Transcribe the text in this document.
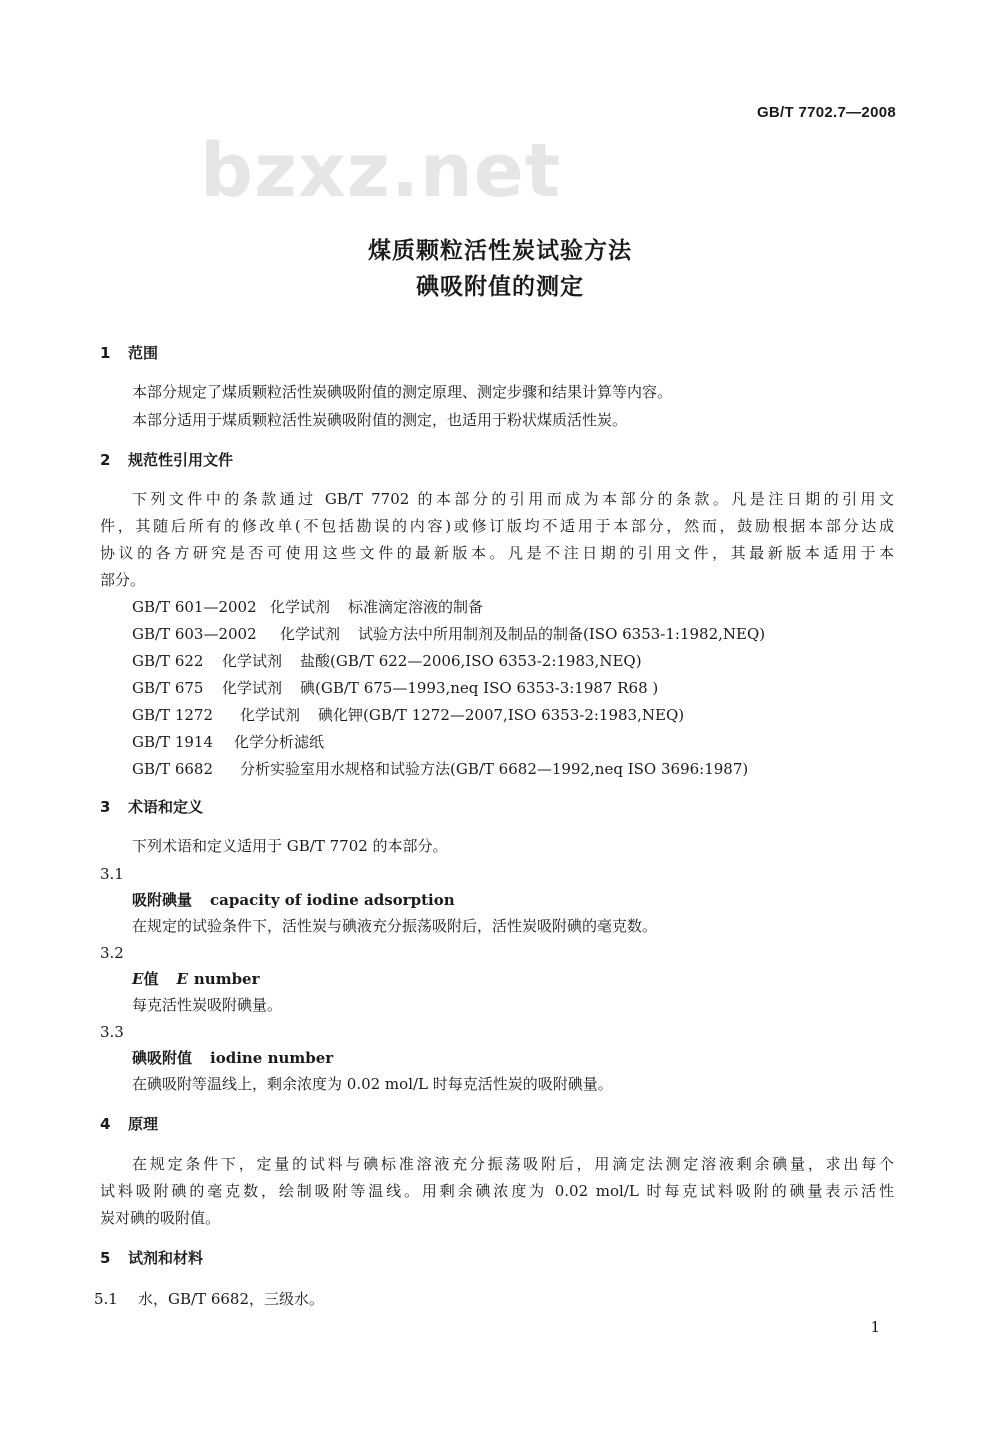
GB/T 7702.7—2008
bzxz.net
煤质颗粒活性炭试验方法
碘吸附值的测定
1 范围
本部分规定了煤质颗粒活性炭碘吸附值的测定原理、测定步骤和结果计算等内容。
本部分适用于煤质颗粒活性炭碘吸附值的测定，也适用于粉状煤质活性炭。
2 规范性引用文件
下列文件中的条款通过 GB/T 7702 的本部分的引用而成为本部分的条款。凡是注日期的引用文
件，其随后所有的修改单(不包括勘误的内容)或修订版均不适用于本部分，然而，鼓励根据本部分达成
协议的各方研究是否可使用这些文件的最新版本。凡是不注日期的引用文件，其最新版本适用于本
部分。
GB/T 601—2002 化学试剂 标准滴定溶液的制备
GB/T 603—2002 化学试剂 试验方法中所用制剂及制品的制备(ISO 6353-1:1982,NEQ)
GB/T 622 化学试剂 盐酸(GB/T 622—2006,ISO 6353-2:1983,NEQ)
GB/T 675 化学试剂 碘(GB/T 675—1993,neq ISO 6353-3:1987 R68 )
GB/T 1272 化学试剂 碘化钾(GB/T 1272—2007,ISO 6353-2:1983,NEQ)
GB/T 1914 化学分析滤纸
GB/T 6682 分析实验室用水规格和试验方法(GB/T 6682—1992,neq ISO 3696:1987)
3 术语和定义
下列术语和定义适用于 GB/T 7702 的本部分。
3.1
吸附碘量 capacity of iodine adsorption
在规定的试验条件下，活性炭与碘液充分振荡吸附后，活性炭吸附碘的毫克数。
3.2
E值 E number
每克活性炭吸附碘量。
3.3
碘吸附值 iodine number
在碘吸附等温线上，剩余浓度为 0.02 mol/L 时每克活性炭的吸附碘量。
4 原理
在规定条件下，定量的试料与碘标准溶液充分振荡吸附后，用滴定法测定溶液剩余碘量，求出每个
试料吸附碘的毫克数，绘制吸附等温线。用剩余碘浓度为 0.02 mol/L 时每克试料吸附的碘量表示活性
炭对碘的吸附值。
5 试剂和材料
5.1 水，GB/T 6682，三级水。
1
